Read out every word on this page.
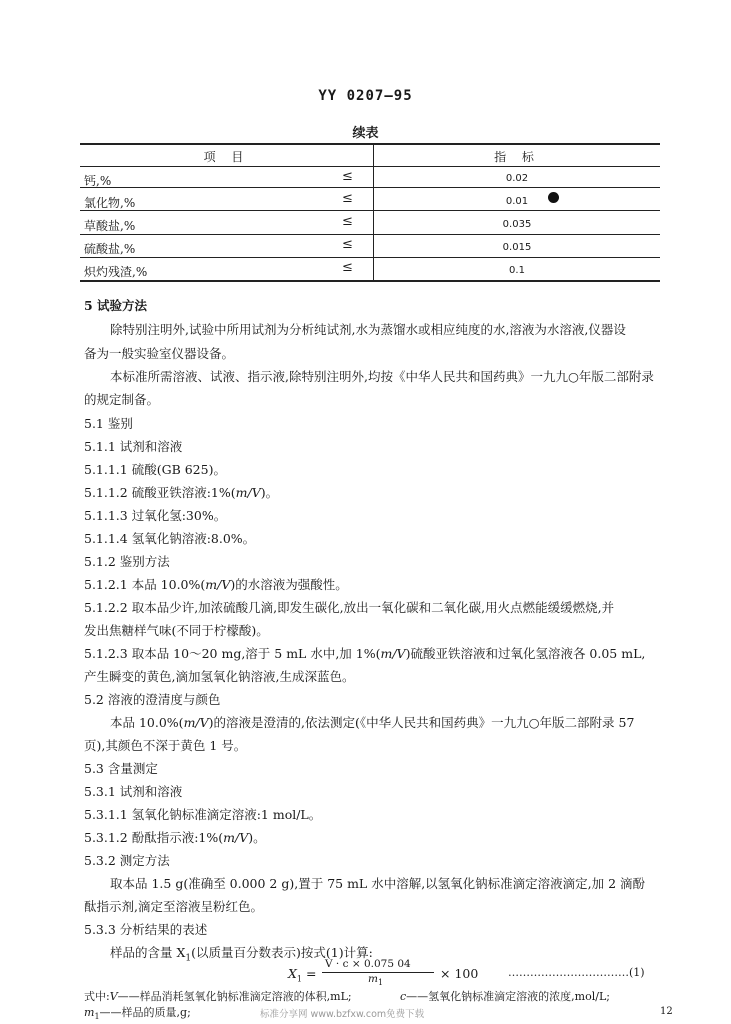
YY 0207—95
续表
项 目	指 标
钙,%	≤	0.02
氯化物,%	≤	0.01
草酸盐,%	≤	0.035
硫酸盐,%	≤	0.015
炽灼残渣,%	≤	0.1
5 试验方法
除特别注明外,试验中所用试剂为分析纯试剂,水为蒸馏水或相应纯度的水,溶液为水溶液,仪器设
备为一般实验室仪器设备。
本标准所需溶液、试液、指示液,除特别注明外,均按《中华人民共和国药典》一九九○年版二部附录
的规定制备。
5.1 鉴别
5.1.1 试剂和溶液
5.1.1.1 硫酸(GB 625)。
5.1.1.2 硫酸亚铁溶液:1%(m/V)。
5.1.1.3 过氧化氢:30%。
5.1.1.4 氢氧化钠溶液:8.0%。
5.1.2 鉴别方法
5.1.2.1 本品 10.0%(m/V)的水溶液为强酸性。
5.1.2.2 取本品少许,加浓硫酸几滴,即发生碳化,放出一氧化碳和二氧化碳,用火点燃能缓缓燃烧,并
发出焦糖样气味(不同于柠檬酸)。
5.1.2.3 取本品 10～20 mg,溶于 5 mL 水中,加 1%(m/V)硫酸亚铁溶液和过氧化氢溶液各 0.05 mL,
产生瞬变的黄色,滴加氢氧化钠溶液,生成深蓝色。
5.2 溶液的澄清度与颜色
本品 10.0%(m/V)的溶液是澄清的,依法测定(《中华人民共和国药典》一九九○年版二部附录 57
页),其颜色不深于黄色 1 号。
5.3 含量测定
5.3.1 试剂和溶液
5.3.1.1 氢氧化钠标准滴定溶液:1 mol/L。
5.3.1.2 酚酞指示液:1%(m/V)。
5.3.2 测定方法
取本品 1.5 g(准确至 0.000 2 g),置于 75 mL 水中溶解,以氢氧化钠标准滴定溶液滴定,加 2 滴酚
酞指示剂,滴定至溶液呈粉红色。
5.3.3 分析结果的表述
样品的含量 $X_1$(以质量百分数表示)按式(1)计算:
$X_1$ =
V · c × 0.075 04
$m_1$
× 100	……………………………(1)
式中:V——样品消耗氢氧化钠标准滴定溶液的体积,mL;	c——氢氧化钠标准滴定溶液的浓度,mol/L;
$m_1——$样品的质量,g;	12
标准分享网 www.bzfxw.com免费下载
